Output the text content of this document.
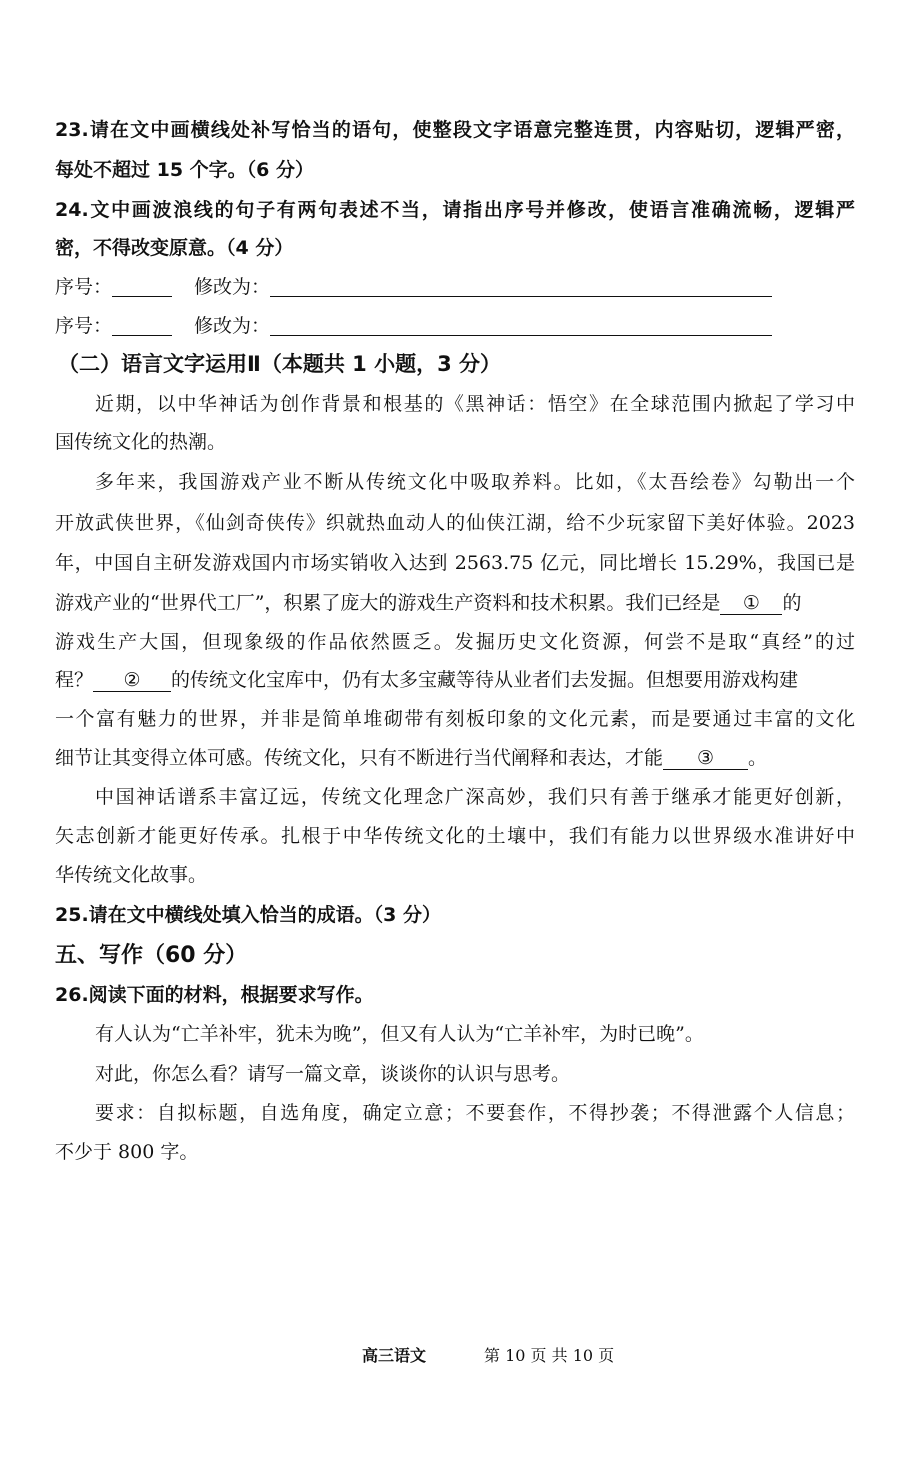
23.请在文中画横线处补写恰当的语句，使整段文字语意完整连贯，内容贴切，逻辑严密，
每处不超过 15 个字。（6 分）
24.文中画波浪线的句子有两句表述不当，请指出序号并修改，使语言准确流畅，逻辑严
密，不得改变原意。（4 分）
序号：	修改为：
序号：	修改为：
（二）语言文字运用Ⅱ（本题共 1 小题，3 分）
近期，以中华神话为创作背景和根基的《黑神话：悟空》在全球范围内掀起了学习中
国传统文化的热潮。
多年来，我国游戏产业不断从传统文化中吸取养料。比如，《太吾绘卷》勾勒出一个
开放武侠世界，《仙剑奇侠传》织就热血动人的仙侠江湖，给不少玩家留下美好体验。2023
年，中国自主研发游戏国内市场实销收入达到 2563.75 亿元，同比增长 15.29%，我国已是
游戏产业的“世界代工厂”，积累了庞大的游戏生产资料和技术积累。我们已经是 ① 的
游戏生产大国，但现象级的作品依然匮乏。发掘历史文化资源，何尝不是取“真经”的过
程？ ② 的传统文化宝库中，仍有太多宝藏等待从业者们去发掘。但想要用游戏构建
一个富有魅力的世界，并非是简单堆砌带有刻板印象的文化元素，而是要通过丰富的文化
细节让其变得立体可感。传统文化，只有不断进行当代阐释和表达，才能 ③ 。
中国神话谱系丰富辽远，传统文化理念广深高妙，我们只有善于继承才能更好创新，
矢志创新才能更好传承。扎根于中华传统文化的土壤中，我们有能力以世界级水准讲好中
华传统文化故事。
25.请在文中横线处填入恰当的成语。（3 分）
五、写作（60 分）
26.阅读下面的材料，根据要求写作。
有人认为“亡羊补牢，犹未为晚”，但又有人认为“亡羊补牢，为时已晚”。
对此，你怎么看？请写一篇文章，谈谈你的认识与思考。
要求：自拟标题，自选角度，确定立意；不要套作，不得抄袭；不得泄露个人信息；
不少于 800 字。
高三语文	第 10 页 共 10 页
